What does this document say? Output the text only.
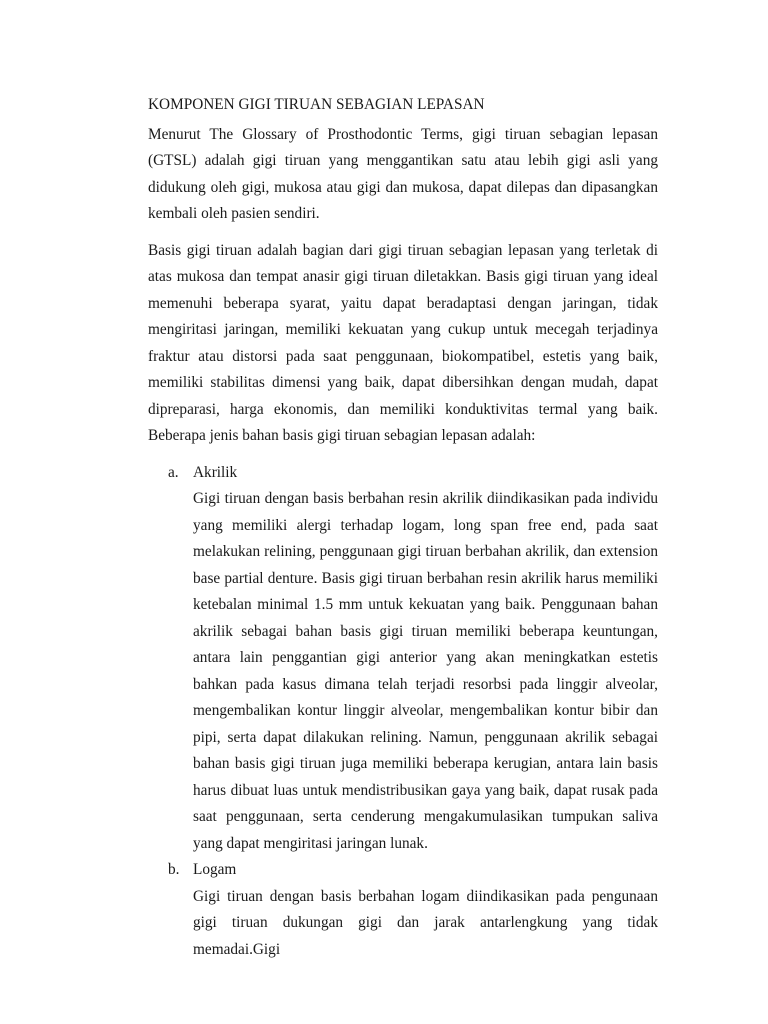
KOMPONEN GIGI TIRUAN SEBAGIAN LEPASAN

Menurut The Glossary of Prosthodontic Terms, gigi tiruan sebagian lepasan (GTSL) adalah gigi tiruan yang menggantikan satu atau lebih gigi asli yang didukung oleh gigi, mukosa atau gigi dan mukosa, dapat dilepas dan dipasangkan kembali oleh pasien sendiri.

Basis gigi tiruan adalah bagian dari gigi tiruan sebagian lepasan yang terletak di atas mukosa dan tempat anasir gigi tiruan diletakkan. Basis gigi tiruan yang ideal memenuhi beberapa syarat, yaitu dapat beradaptasi dengan jaringan, tidak mengiritasi jaringan, memiliki kekuatan yang cukup untuk mecegah terjadinya fraktur atau distorsi pada saat penggunaan, biokompatibel, estetis yang baik, memiliki stabilitas dimensi yang baik, dapat dibersihkan dengan mudah, dapat dipreparasi, harga ekonomis, dan memiliki konduktivitas termal yang baik. Beberapa jenis bahan basis gigi tiruan sebagian lepasan adalah:

a. Akrilik

Gigi tiruan dengan basis berbahan resin akrilik diindikasikan pada individu yang memiliki alergi terhadap logam, long span free end, pada saat melakukan relining, penggunaan gigi tiruan berbahan akrilik, dan extension base partial denture. Basis gigi tiruan berbahan resin akrilik harus memiliki ketebalan minimal 1.5 mm untuk kekuatan yang baik. Penggunaan bahan akrilik sebagai bahan basis gigi tiruan memiliki beberapa keuntungan, antara lain penggantian gigi anterior yang akan meningkatkan estetis bahkan pada kasus dimana telah terjadi resorbsi pada linggir alveolar, mengembalikan kontur linggir alveolar, mengembalikan kontur bibir dan pipi, serta dapat dilakukan relining. Namun, penggunaan akrilik sebagai bahan basis gigi tiruan juga memiliki beberapa kerugian, antara lain basis harus dibuat luas untuk mendistribusikan gaya yang baik, dapat rusak pada saat penggunaan, serta cenderung mengakumulasikan tumpukan saliva yang dapat mengiritasi jaringan lunak.

b. Logam

Gigi tiruan dengan basis berbahan logam diindikasikan pada pengunaan gigi tiruan dukungan gigi dan jarak antarlengkung yang tidak memadai.Gigi
